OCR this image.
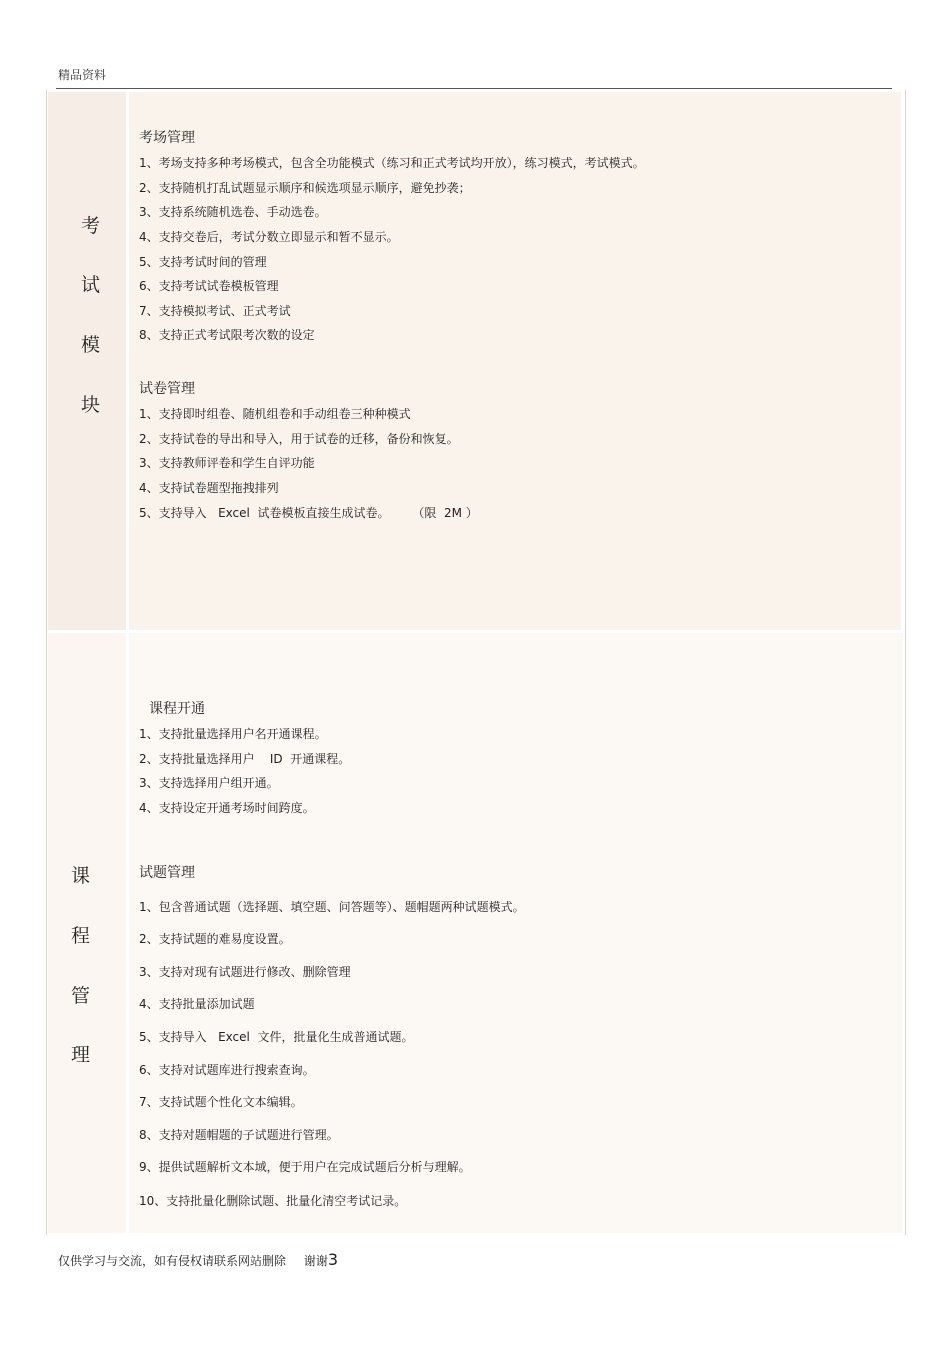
精品资料
考
试
模
块
考场管理
1、考场支持多种考场模式，包含全功能模式（练习和正式考试均开放），练习模式，考试模式。
2、支持随机打乱试题显示顺序和候选项显示顺序，避免抄袭；
3、支持系统随机选卷、手动选卷。
4、支持交卷后，考试分数立即显示和暂不显示。
5、支持考试时间的管理
6、支持考试试卷模板管理
7、支持模拟考试、正式考试
8、支持正式考试限考次数的设定
试卷管理
1、支持即时组卷、随机组卷和手动组卷三种种模式
2、支持试卷的导出和导入，用于试卷的迁移，备份和恢复。
3、支持教师评卷和学生自评功能
4、支持试卷题型拖拽排列
5、支持导入   Excel  试卷模板直接生成试卷。      （限  2M ）
课
程
管
理
课程开通
1、支持批量选择用户名开通课程。
2、支持批量选择用户    ID  开通课程。
3、支持选择用户组开通。
4、支持设定开通考场时间跨度。
试题管理
1、包含普通试题（选择题、填空题、问答题等）、题帽题两种试题模式。
2、支持试题的难易度设置。
3、支持对现有试题进行修改、删除管理
4、支持批量添加试题
5、支持导入   Excel  文件，批量化生成普通试题。
6、支持对试题库进行搜索查询。
7、支持试题个性化文本编辑。
8、支持对题帽题的子试题进行管理。
9、提供试题解析文本域，便于用户在完成试题后分析与理解。
10、支持批量化删除试题、批量化清空考试记录。
仅供学习与交流，如有侵权请联系网站删除 谢谢3
